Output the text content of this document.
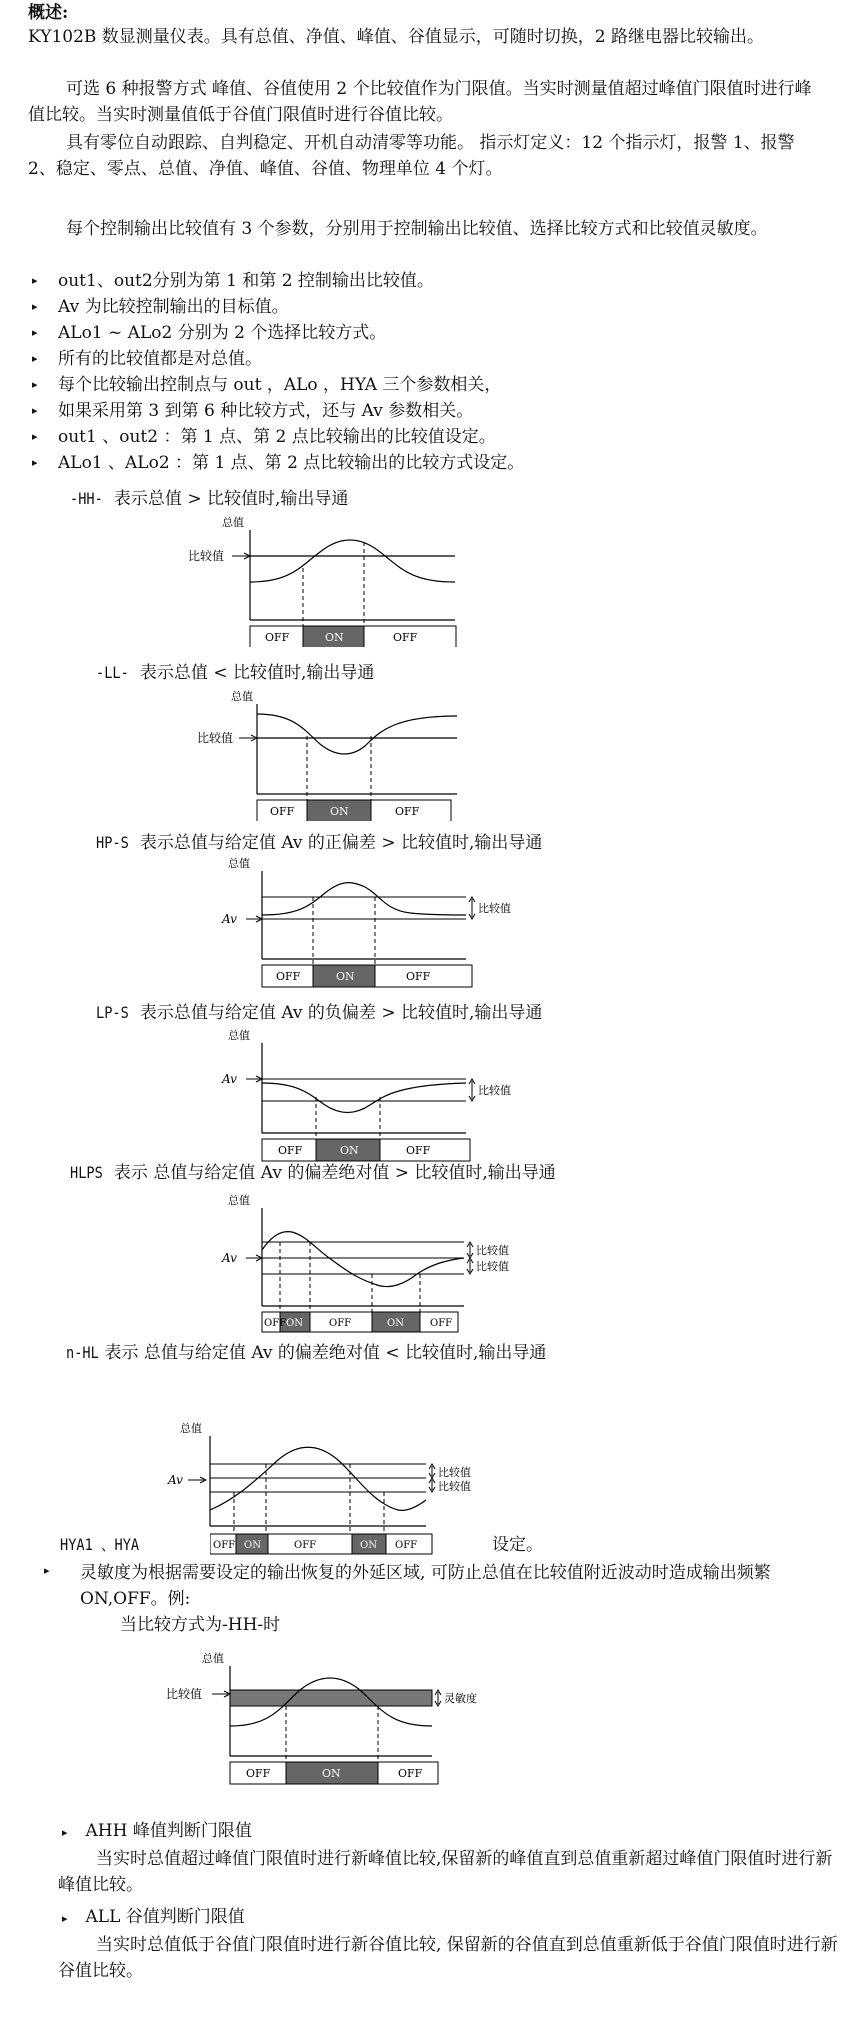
概述:

KY102B 数显测量仪表。具有总值、净值、峰值、谷值显示，可随时切换，2 路继电器比较输出。

可选 6 种报警方式 峰值、谷值使用 2 个比较值作为门限值。当实时测量值超过峰值门限值时进行峰值比较。当实时测量值低于谷值门限值时进行谷值比较。

具有零位自动跟踪、自判稳定、开机自动清零等功能。 指示灯定义：12 个指示灯，报警 1、报警 2、稳定、零点、总值、净值、峰值、谷值、物理单位 4 个灯。

每个控制输出比较值有 3 个参数，分别用于控制输出比较值、选择比较方式和比较值灵敏度。

▸ out1、out2分别为第 1 和第 2 控制输出比较值。
▸ Av 为比较控制输出的目标值。
▸ ALo1 ~ ALo2 分别为 2 个选择比较方式。
▸ 所有的比较值都是对总值。
▸ 每个比较输出控制点与 out ，ALo ，HYA 三个参数相关，
▸ 如果采用第 3 到第 6 种比较方式，还与 Av 参数相关。
▸ out1 、out2 ：第 1 点、第 2 点比较输出的比较值设定。
▸ ALo1 、ALo2 ：第 1 点、第 2 点比较输出的比较方式设定。
-HH- 表示总值 > 比较值时,输出导通
总值
比较值
OFF	ON	OFF
-LL- 表示总值 < 比较值时,输出导通
总值
比较值
OFF	ON	OFF
HP-S 表示总值与给定值 Av 的正偏差 > 比较值时,输出导通
总值
Av
比较值
OFF	ON	OFF
LP-S 表示总值与给定值 Av 的负偏差 > 比较值时,输出导通
总值
Av
比较值
OFF	ON	OFF
HLPS 表示 总值与给定值 Av 的偏差绝对值 > 比较值时,输出导通
总值
Av
比较值
比较值
OFF ON	OFF	ON	OFF
n-HL 表示 总值与给定值 Av 的偏差绝对值 < 比较值时,输出导通
总值
Av
比较值
比较值
HYA1 、HYA	OFF ON	OFF	ON OFF	设定。
▸ 灵敏度为根据需要设定的输出恢复的外延区域, 可防止总值在比较值附近波动时造成输出频繁 ON,OFF。例:
当比较方式为-HH-时
总值
比较值	灵敏度
OFF	ON	OFF
▸ AHH 峰值判断门限值

当实时总值超过峰值门限值时进行新峰值比较,保留新的峰值直到总值重新超过峰值门限值时进行新峰值比较。

▸ ALL 谷值判断门限值

当实时总值低于谷值门限值时进行新谷值比较, 保留新的谷值直到总值重新低于谷值门限值时进行新谷值比较。
